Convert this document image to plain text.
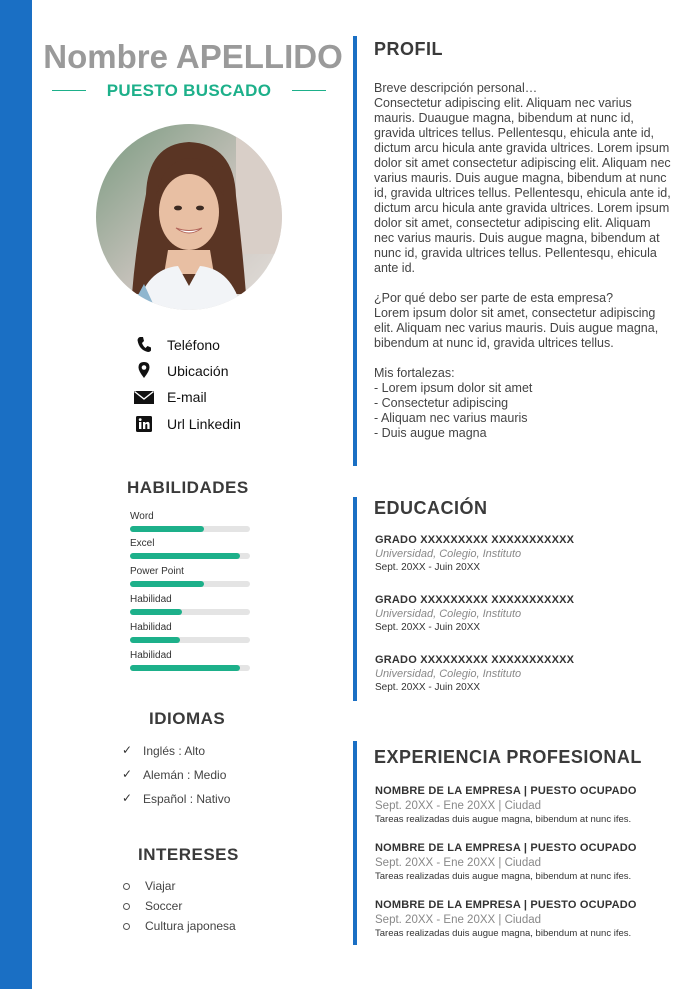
Nombre APELLIDO
PUESTO BUSCADO
Teléfono
Ubicación
E-mail
Url Linkedin
HABILIDADES
Word
Excel
Power Point
Habilidad
Habilidad
Habilidad
IDIOMAS
✓ Inglés : Alto
✓ Alemán : Medio
✓ Español : Nativo
INTERESES
Viajar
Soccer
Cultura japonesa
PROFIL

Breve descripción personal…

Consectetur adipiscing elit. Aliquam nec varius mauris. Duaugue magna, bibendum at nunc id, gravida ultrices tellus. Pellentesqu, ehicula ante id, dictum arcu hicula ante gravida ultrices. Lorem ipsum dolor sit amet consectetur adipiscing elit. Aliquam nec varius mauris. Duis augue magna, bibendum at nunc id, gravida ultrices tellus. Pellentesqu, ehicula ante id, dictum arcu hicula ante gravida ultrices. Lorem ipsum dolor sit amet, consectetur adipiscing elit. Aliquam nec varius mauris. Duis augue magna, bibendum at nunc id, gravida ultrices tellus. Pellentesqu, ehicula ante id.

¿Por qué debo ser parte de esta empresa?

Lorem ipsum dolor sit amet, consectetur adipiscing elit. Aliquam nec varius mauris. Duis augue magna, bibendum at nunc id, gravida ultrices tellus.

Mis fortalezas:

- Lorem ipsum dolor sit amet

- Consectetur adipiscing

- Aliquam nec varius mauris

- Duis augue magna

EDUCACIÓN
GRADO XXXXXXXXX XXXXXXXXXXX
Universidad, Colegio, Instituto
Sept. 20XX - Juin 20XX
GRADO XXXXXXXXX XXXXXXXXXXX
Universidad, Colegio, Instituto
Sept. 20XX - Juin 20XX
GRADO XXXXXXXXX XXXXXXXXXXX
Universidad, Colegio, Instituto
Sept. 20XX - Juin 20XX
EXPERIENCIA PROFESIONAL
NOMBRE DE LA EMPRESA | PUESTO OCUPADO
Sept. 20XX - Ene 20XX | Ciudad
Tareas realizadas duis augue magna, bibendum at nunc ifes.
NOMBRE DE LA EMPRESA | PUESTO OCUPADO
Sept. 20XX - Ene 20XX | Ciudad
Tareas realizadas duis augue magna, bibendum at nunc ifes.
NOMBRE DE LA EMPRESA | PUESTO OCUPADO
Sept. 20XX - Ene 20XX | Ciudad
Tareas realizadas duis augue magna, bibendum at nunc ifes.
